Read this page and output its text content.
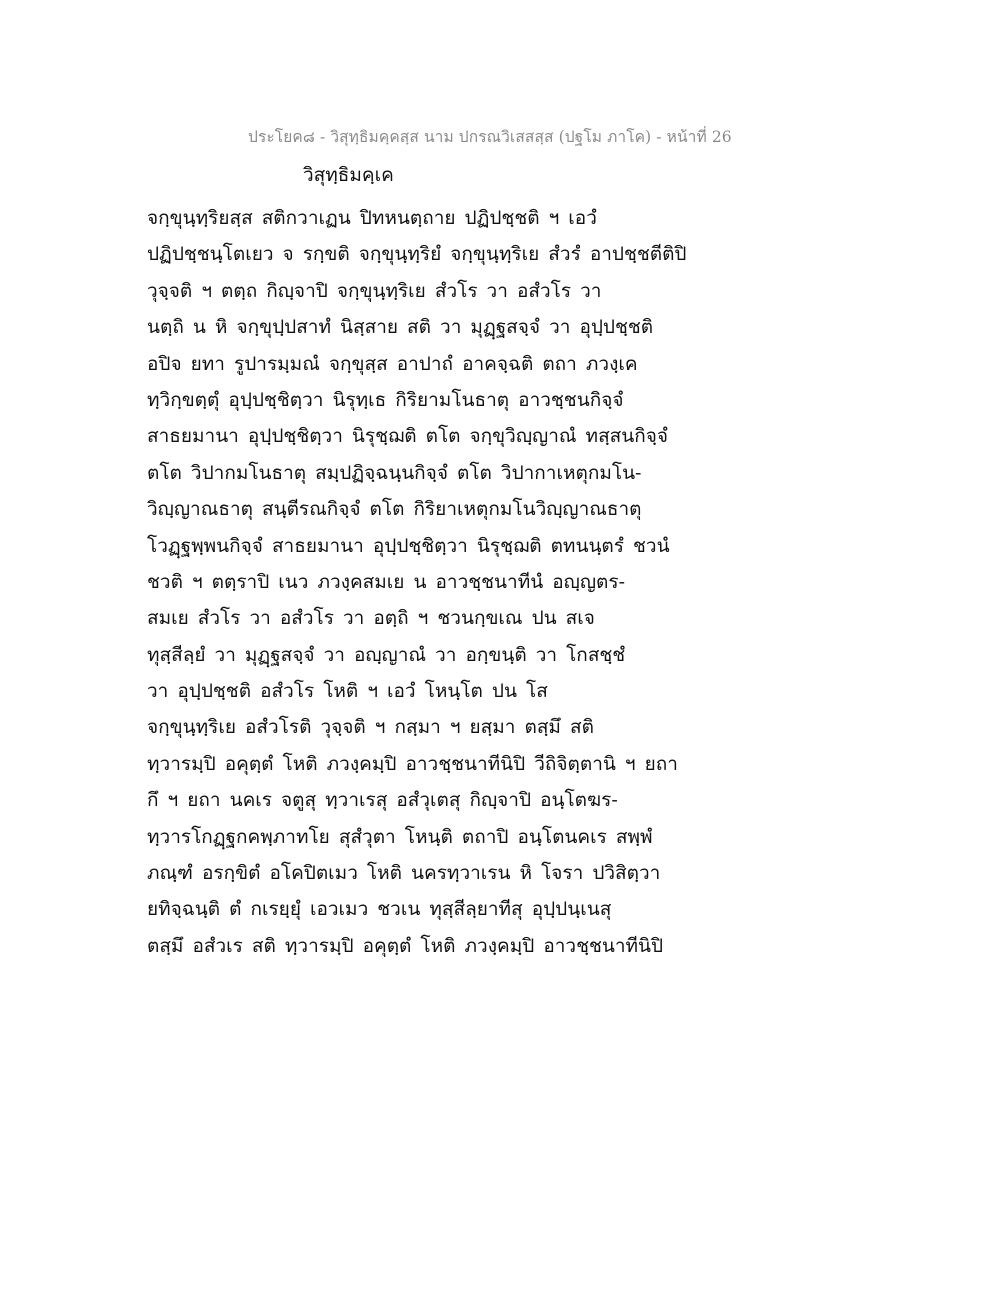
ประโยค๘ - วิสุทฺธิมคฺคสฺส นาม ปกรณวิเสสสฺส (ปฐโม ภาโค) - หน้าที่ 26
วิสุทฺธิมคฺเค
จกฺขุนฺทฺริยสฺส สติกวาเฏน ปิทหนตฺถาย ปฏิปชฺชติ ฯ เอวํ
ปฏิปชฺชนฺโตเยว จ รกฺขติ จกฺขุนฺทฺริยํ จกฺขุนฺทฺริเย สํวรํ อาปชฺชตีติปิ
วุจฺจติ ฯ ตตฺถ กิญฺจาปิ จกฺขุนฺทฺริเย สํวโร วา อสํวโร วา
นตฺถิ น หิ จกฺขุปฺปสาทํ นิสฺสาย สติ วา มุฏฺฐสจฺจํ วา อุปฺปชฺชติ
อปิจ ยทา รูปารมฺมณํ จกฺขุสฺส อาปาถํ อาคจฺฉติ ตถา ภวงฺเค
ทฺวิกฺขตฺตุํ อุปฺปชฺชิตฺวา นิรุทฺเธ กิริยามโนธาตุ อาวชฺชนกิจฺจํ
สาธยมานา อุปฺปชฺชิตฺวา นิรุชฺฌติ ตโต จกฺขุวิญฺญาณํ ทสฺสนกิจฺจํ
ตโต วิปากมโนธาตุ สมฺปฏิจฺฉนฺนกิจฺจํ ตโต วิปากาเหตุกมโน-
วิญฺญาณธาตุ สนฺตีรณกิจฺจํ ตโต กิริยาเหตุกมโนวิญฺญาณธาตุ
โวฏฺฐพฺพนกิจฺจํ สาธยมานา อุปฺปชฺชิตฺวา นิรุชฺฌติ ตทนนฺตรํ ชวนํ
ชวติ ฯ ตตฺราปิ เนว ภวงฺคสมเย น อาวชฺชนาทีนํ อญฺญตร-
สมเย สํวโร วา อสํวโร วา อตฺถิ ฯ ชวนกฺขเณ ปน สเจ
ทุสฺสีลฺยํ วา มุฏฺฐสจฺจํ วา อญฺญาณํ วา อกฺขนฺติ วา โกสชฺชํ
วา อุปฺปชฺชติ อสํวโร โหติ ฯ เอวํ โหนฺโต ปน โส
จกฺขุนฺทฺริเย อสํวโรติ วุจฺจติ ฯ กสฺมา ฯ ยสฺมา ตสฺมึ สติ
ทฺวารมฺปิ อคุตฺตํ โหติ ภวงฺคมฺปิ อาวชฺชนาทีนิปิ วีถิจิตฺตานิ ฯ ยถา
กึ ฯ ยถา นคเร จตูสุ ทฺวาเรสุ อสํวุเตสุ กิญฺจาปิ อนฺโตฆร-
ทฺวารโกฏฺฐกคพฺภาทโย สุสํวุตา โหนฺติ ตถาปิ อนฺโตนคเร สพฺพํ
ภณฺฑํ อรกฺขิตํ อโคปิตเมว โหติ นครทฺวาเรน หิ โจรา ปวิสิตฺวา
ยทิจฺฉนฺติ ตํ กเรยฺยุํ เอวเมว ชวเน ทุสฺสีลฺยาทีสุ อุปฺปนฺเนสุ
ตสฺมึ อสํวเร สติ ทฺวารมฺปิ อคุตฺตํ โหติ ภวงฺคมฺปิ อาวชฺชนาทีนิปิ
